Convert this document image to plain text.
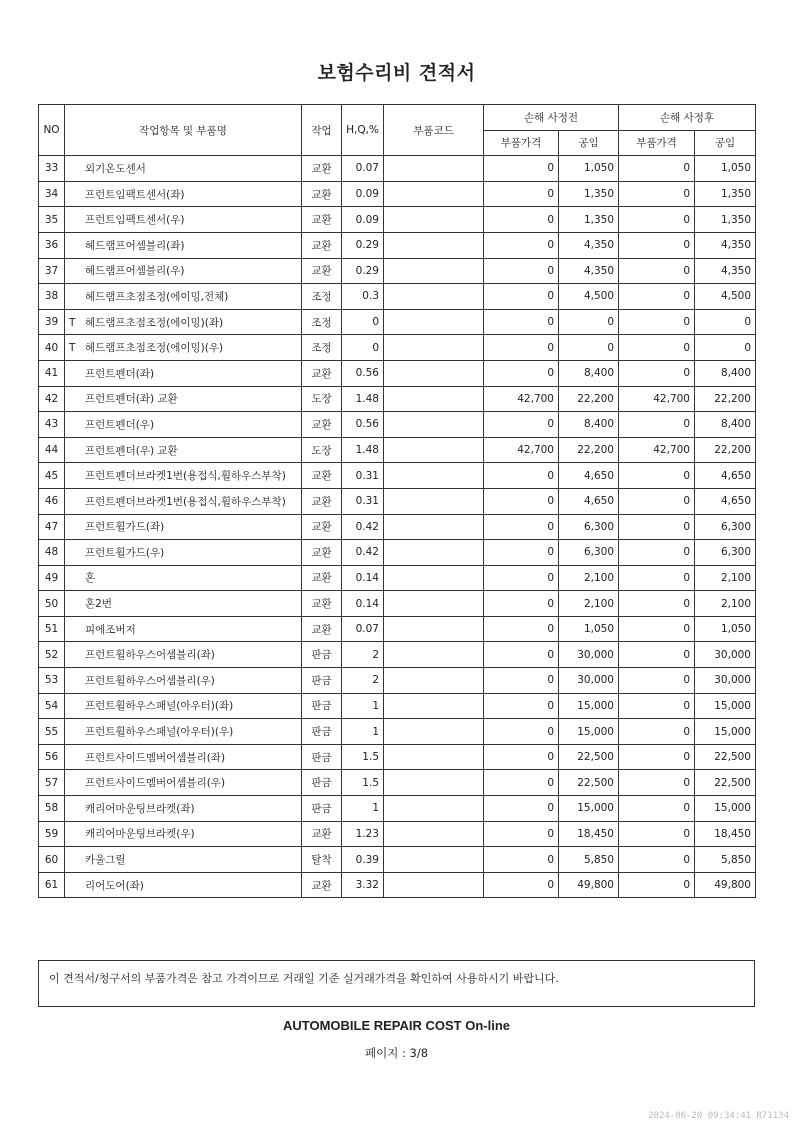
보험수리비 견적서
NO	작업항목 및 부품명	작업	H,Q,%	부품코드	손해 사정전		손해 사정후	
					부품가격	공임	부품가격	공임
33	외기온도센서	교환	0.07		0	1,050	0	1,050
34	프런트임팩트센서(좌)	교환	0.09		0	1,350	0	1,350
35	프런트임팩트센서(우)	교환	0.09		0	1,350	0	1,350
36	헤드램프어셈블리(좌)	교환	0.29		0	4,350	0	4,350
37	헤드램프어셈블리(우)	교환	0.29		0	4,350	0	4,350
38	헤드램프초점조정(에이밍,전체)	조정	0.3		0	4,500	0	4,500
39	T 헤드램프초점조정(에이밍)(좌)	조정	0		0	0	0	0
40	T 헤드램프초점조정(에이밍)(우)	조정	0		0	0	0	0
41	프런트펜더(좌)	교환	0.56		0	8,400	0	8,400
42	프런트펜더(좌) 교환	도장	1.48		42,700	22,200	42,700	22,200
43	프런트펜더(우)	교환	0.56		0	8,400	0	8,400
44	프런트펜더(우) 교환	도장	1.48		42,700	22,200	42,700	22,200
45	프런트펜더브라켓1번(용접식,휠하우스부착)	교환	0.31		0	4,650	0	4,650
46	프런트펜더브라켓1번(용접식,휠하우스부착)	교환	0.31		0	4,650	0	4,650
47	프런트휠가드(좌)	교환	0.42		0	6,300	0	6,300
48	프런트휠가드(우)	교환	0.42		0	6,300	0	6,300
49	혼	교환	0.14		0	2,100	0	2,100
50	혼2번	교환	0.14		0	2,100	0	2,100
51	피에조버저	교환	0.07		0	1,050	0	1,050
52	프런트휠하우스어셈블리(좌)	판금	2		0	30,000	0	30,000
53	프런트휠하우스어셈블리(우)	판금	2		0	30,000	0	30,000
54	프런트휠하우스패널(아우터)(좌)	판금	1		0	15,000	0	15,000
55	프런트휠하우스패널(아우터)(우)	판금	1		0	15,000	0	15,000
56	프런트사이드멤버어셈블리(좌)	판금	1.5		0	22,500	0	22,500
57	프런트사이드멤버어셈블리(우)	판금	1.5		0	22,500	0	22,500
58	캐리어마운팅브라켓(좌)	판금	1		0	15,000	0	15,000
59	캐리어마운팅브라켓(우)	교환	1.23		0	18,450	0	18,450
60	카울그릴	탈착	0.39		0	5,850	0	5,850
61	리어도어(좌)	교환	3.32		0	49,800	0	49,800
이 견적서/청구서의 부품가격은 참고 가격이므로 거래일 기준 실거래가격을 확인하여 사용하시기 바랍니다.
AUTOMOBILE REPAIR COST On-line
페이지 : 3/8
2024-06-20 09:34:41 R71134
